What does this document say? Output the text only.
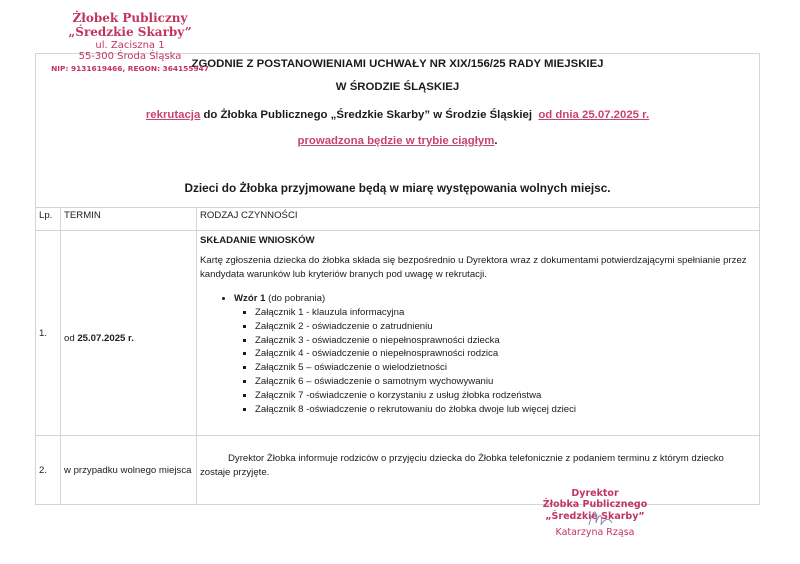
Żłobek Publiczny
„Średzkie Skarby”
ul. Zaciszna 1
55-300 Środa Śląska
NIP: 9131619466, REGON: 364155947
ZGODNIE Z POSTANOWIENIAMI UCHWAŁY NR XIX/156/25 RADY MIEJSKIEJ
W ŚRODZIE ŚLĄSKIEJ
rekrutacja do Żłobka Publicznego „Średzkie Skarby” w Środzie Śląskiej  od dnia 25.07.2025 r.
prowadzona będzie w trybie ciągłym.
Dzieci do Żłobka przyjmowane będą w miarę występowania wolnych miejsc.
Lp.	TERMIN	RODZAJ CZYNNOŚCI
1.	od 25.07.2025 r.	
SKŁADANIE WNIOSKÓW
Kartę zgłoszenia dziecka do żłobka składa się bezpośrednio u Dyrektora wraz z dokumentami potwierdzającymi spełnianie przez kandydata warunków lub kryteriów branych pod uwagę w rekrutacji.
• Wzór 1 (do pobrania)
▪ Załącznik 1 - klauzula informacyjna
▪ Załącznik 2 - oświadczenie o zatrudnieniu
▪ Załącznik 3 - oświadczenie o niepełnosprawności dziecka
▪ Załącznik 4 - oświadczenie o niepełnosprawności rodzica
▪ Załącznik 5 – oświadczenie o wielodzietności
▪ Załącznik 6 – oświadczenie o samotnym wychowywaniu
▪ Załącznik 7 -oświadczenie o korzystaniu z usług żłobka rodzeństwa
▪ Załącznik 8 -oświadczenie o rekrutowaniu do żłobka dwoje lub więcej dzieci

2.	w przypadku wolnego miejsca	Dyrektor Żłobka informuje rodziców o przyjęciu dziecka do Żłobka telefonicznie z podaniem terminu z którym dziecko zostaje przyjęte.
Dyrektor
Żłobka Publicznego
„Średzkie Skarby”
Katarzyna Rząsa
